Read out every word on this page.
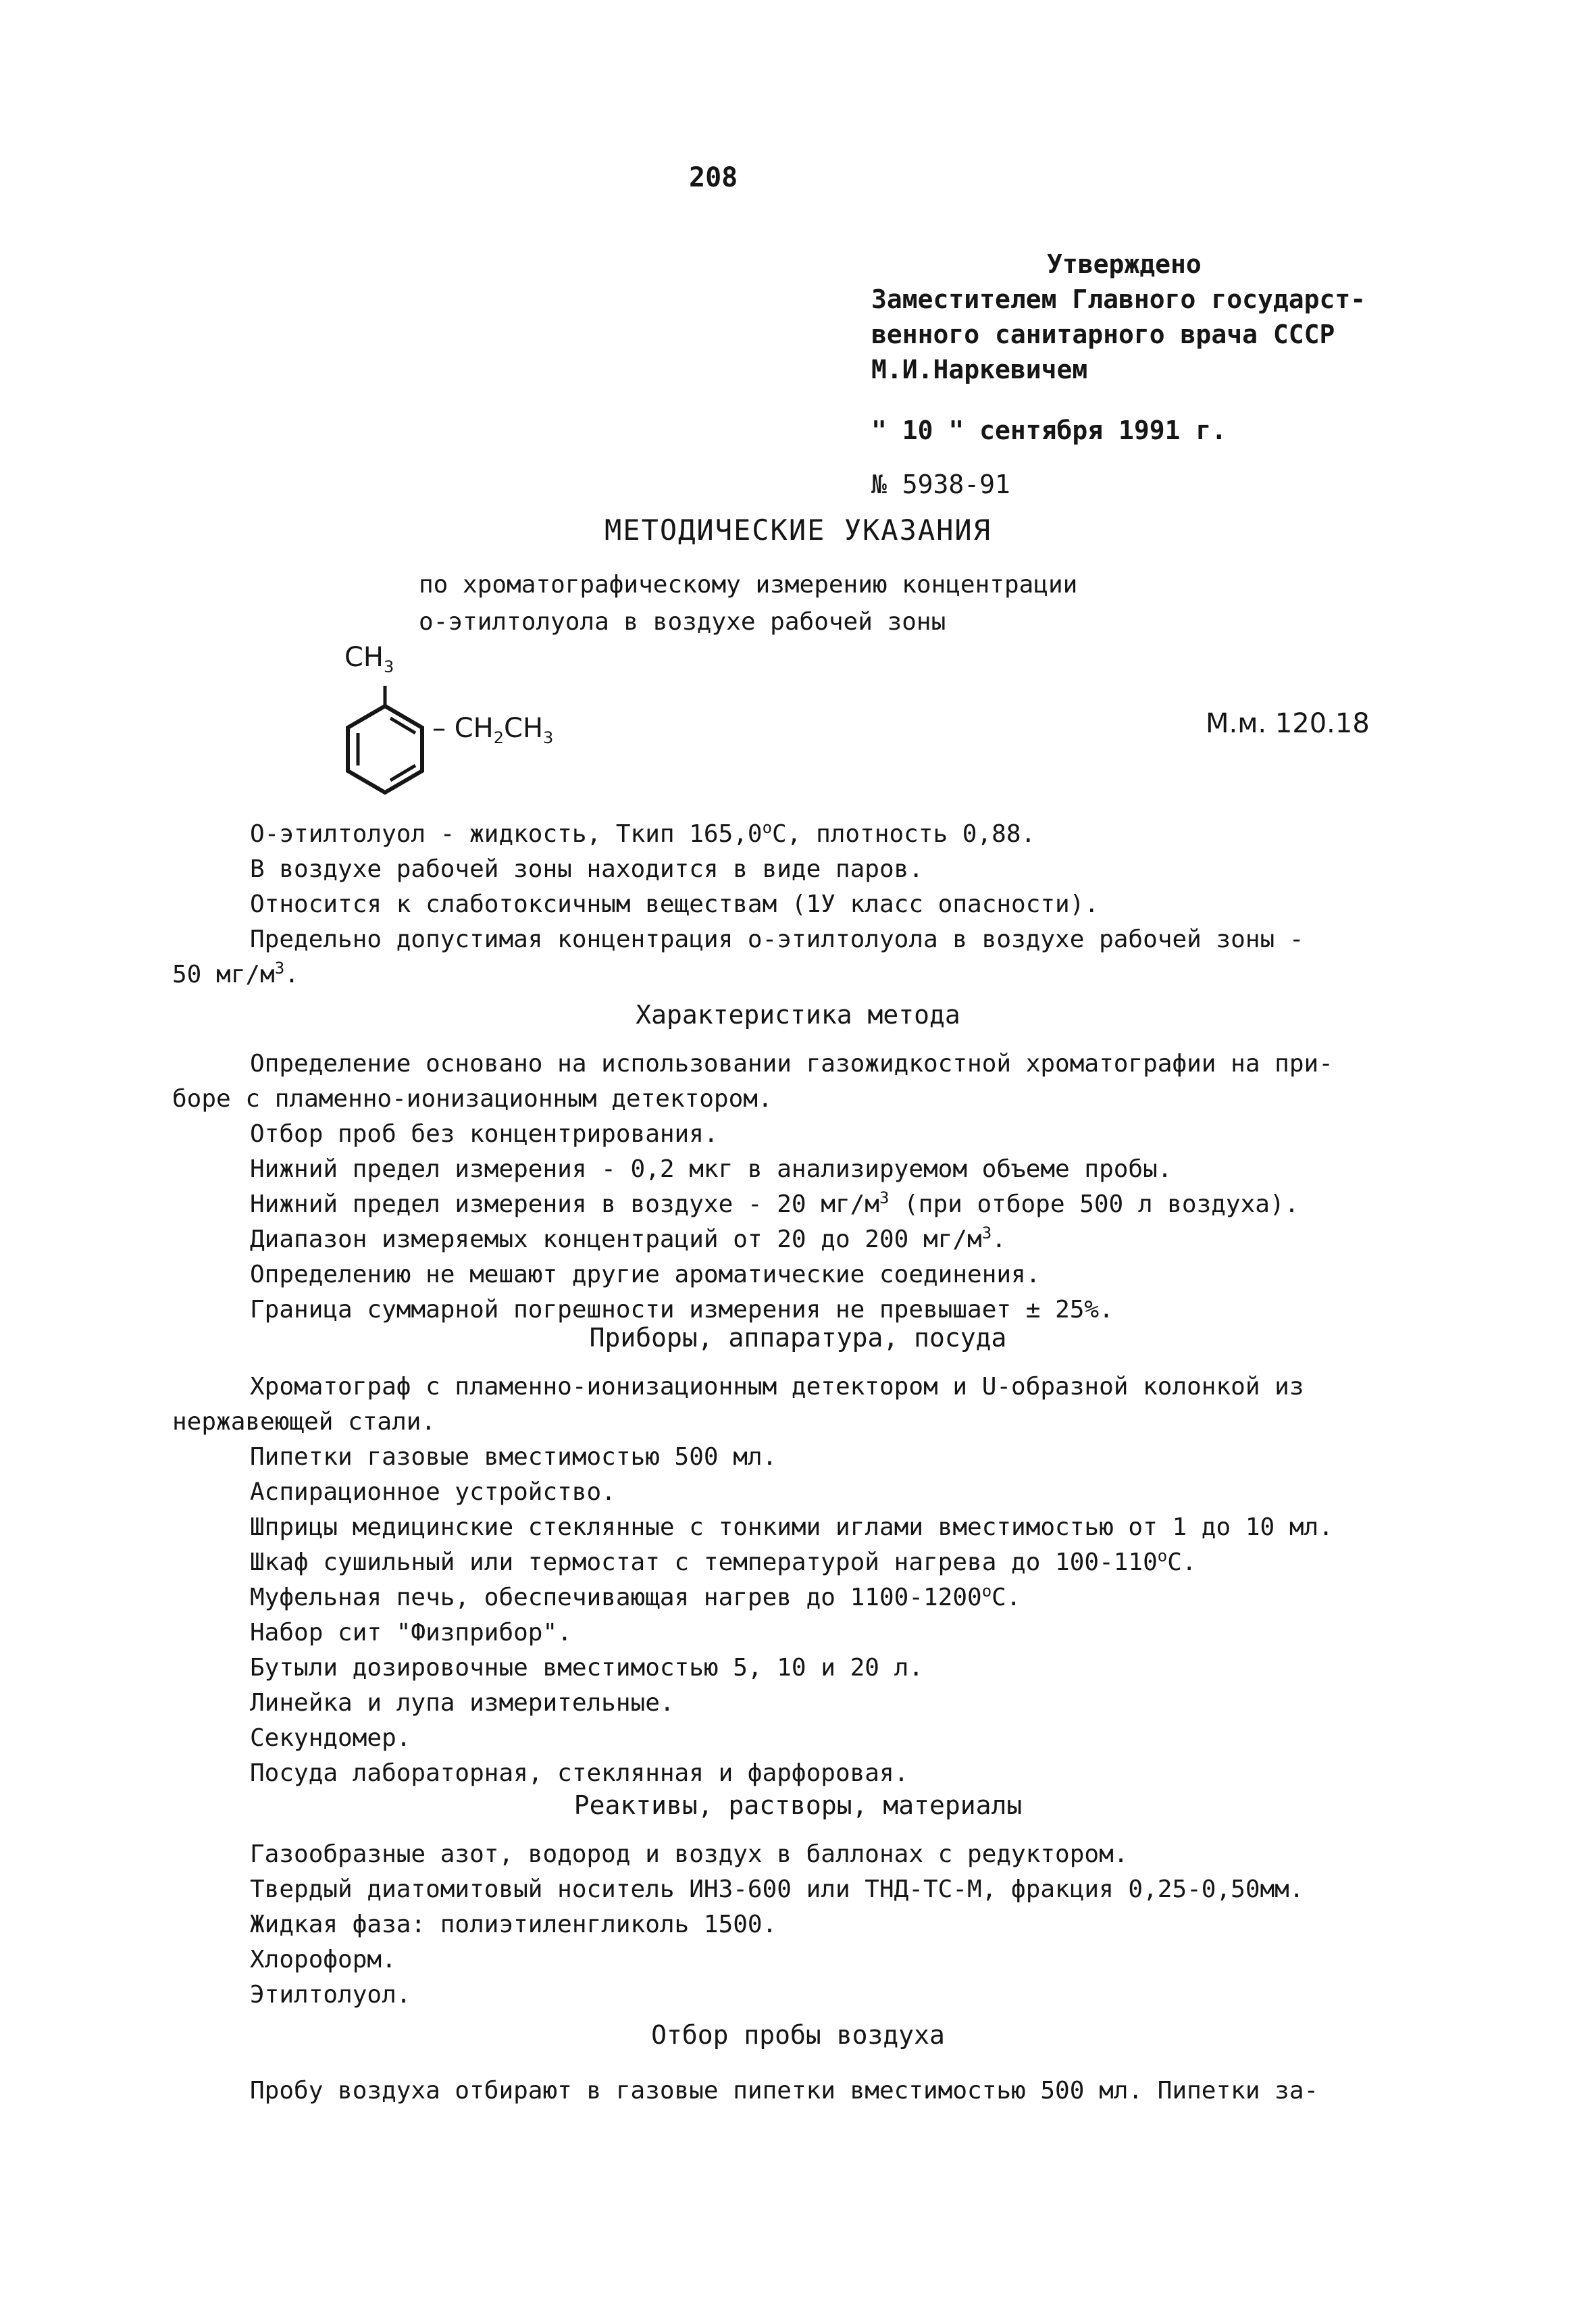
208
Утверждено
Заместителем Главного государст-
венного санитарного врача СССР
М.И.Наркевичем
" 10 " сентября 1991 г.
№ 5938-91
МЕТОДИЧЕСКИЕ УКАЗАНИЯ
по хроматографическому измерению концентрации
о-этилтолуола в воздухе рабочей зоны
$CH_3$
– $CH_2CH_3$	М.м. 120.18
О-этилтолуол - жидкость, Ткип $165,0^оС$, плотность 0,88.
В воздухе рабочей зоны находится в виде паров.
Относится к слаботоксичным веществам (1У класс опасности).
Предельно допустимая концентрация о-этилтолуола в воздухе рабочей зоны -
50 $мг/м^3$.
Характеристика метода
Определение основано на использовании газожидкостной хроматографии на при-
боре с пламенно-ионизационным детектором.
Отбор проб без концентрирования.
Нижний предел измерения - 0,2 мкг в анализируемом объеме пробы.
Нижний предел измерения в воздухе - 20 $мг/м^3$ (при отборе 500 л воздуха).
Диапазон измеряемых концентраций от 20 до 200 $мг/м^3$.
Определению не мешают другие ароматические соединения.
Граница суммарной погрешности измерения не превышает ± 25%.
Приборы, аппаратура, посуда
Хроматограф с пламенно-ионизационным детектором и U-образной колонкой из
нержавеющей стали.
Пипетки газовые вместимостью 500 мл.
Аспирационное устройство.
Шприцы медицинские стеклянные с тонкими иглами вместимостью от 1 до 10 мл.
Шкаф сушильный или термостат с температурой нагрева до $100-110^оС$.
Муфельная печь, обеспечивающая нагрев до $1100-1200^оС$.
Набор сит "Физприбор".
Бутыли дозировочные вместимостью 5, 10 и 20 л.
Линейка и лупа измерительные.
Секундомер.
Посуда лабораторная, стеклянная и фарфоровая.
Реактивы, растворы, материалы
Газообразные азот, водород и воздух в баллонах с редуктором.
Твердый диатомитовый носитель ИНЗ-600 или ТНД-ТС-М, фракция 0,25-0,50мм.
Жидкая фаза: полиэтиленгликоль 1500.
Хлороформ.
Этилтолуол.
Отбор пробы воздуха
Пробу воздуха отбирают в газовые пипетки вместимостью 500 мл. Пипетки за-
